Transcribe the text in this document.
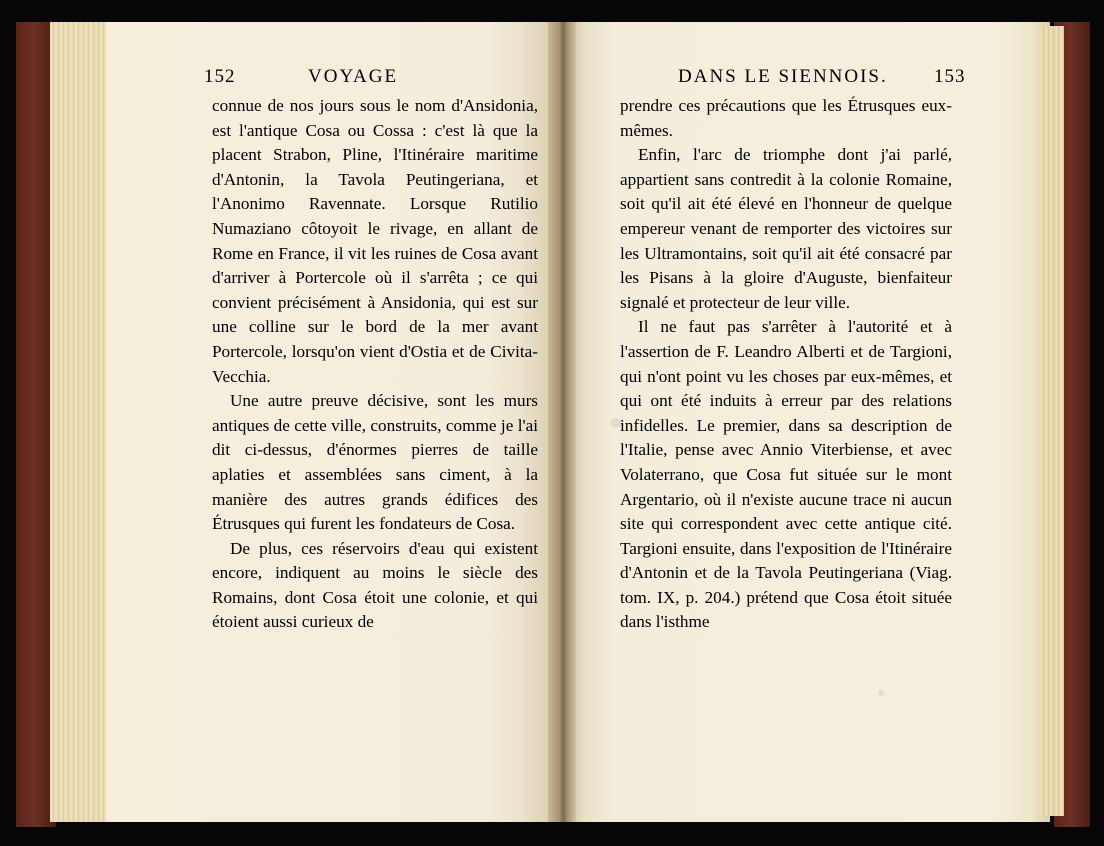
152	VOYAGE	DANS LE SIENNOIS. 153

connue de nos jours sous le nom d'Ansidonia, est l'antique Cosa ou Cossa : c'est là que la placent Strabon, Pline, l'Itinéraire maritime d'Antonin, la Tavola Peutingeriana, et l'Anonimo Ravennate. Lorsque Rutilio Numaziano côtoyoit le rivage, en allant de Rome en France, il vit les ruines de Cosa avant d'arriver à Portercole où il s'arrêta ; ce qui convient précisément à Ansidonia, qui est sur une colline sur le bord de la mer avant Portercole, lorsqu'on vient d'Ostia et de Civita-Vecchia.

Une autre preuve décisive, sont les murs antiques de cette ville, construits, comme je l'ai dit ci-dessus, d'énormes pierres de taille aplaties et assemblées sans ciment, à la manière des autres grands édifices des Étrusques qui furent les fondateurs de Cosa.

De plus, ces réservoirs d'eau qui existent encore, indiquent au moins le siècle des Romains, dont Cosa étoit une colonie, et qui étoient aussi curieux de

prendre ces précautions que les Étrusques eux-mêmes.

Enfin, l'arc de triomphe dont j'ai parlé, appartient sans contredit à la colonie Romaine, soit qu'il ait été élevé en l'honneur de quelque empereur venant de remporter des victoires sur les Ultramontains, soit qu'il ait été consacré par les Pisans à la gloire d'Auguste, bienfaiteur signalé et protecteur de leur ville.

Il ne faut pas s'arrêter à l'autorité et à l'assertion de F. Leandro Alberti et de Targioni, qui n'ont point vu les choses par eux-mêmes, et qui ont été induits à erreur par des relations infidelles. Le premier, dans sa description de l'Italie, pense avec Annio Viterbiense, et avec Volaterrano, que Cosa fut située sur le mont Argentario, où il n'existe aucune trace ni aucun site qui correspondent avec cette antique cité. Targioni ensuite, dans l'exposition de l'Itinéraire d'Antonin et de la Tavola Peutingeriana (Viag. tom. IX, p. 204.) prétend que Cosa étoit située dans l'isthme
